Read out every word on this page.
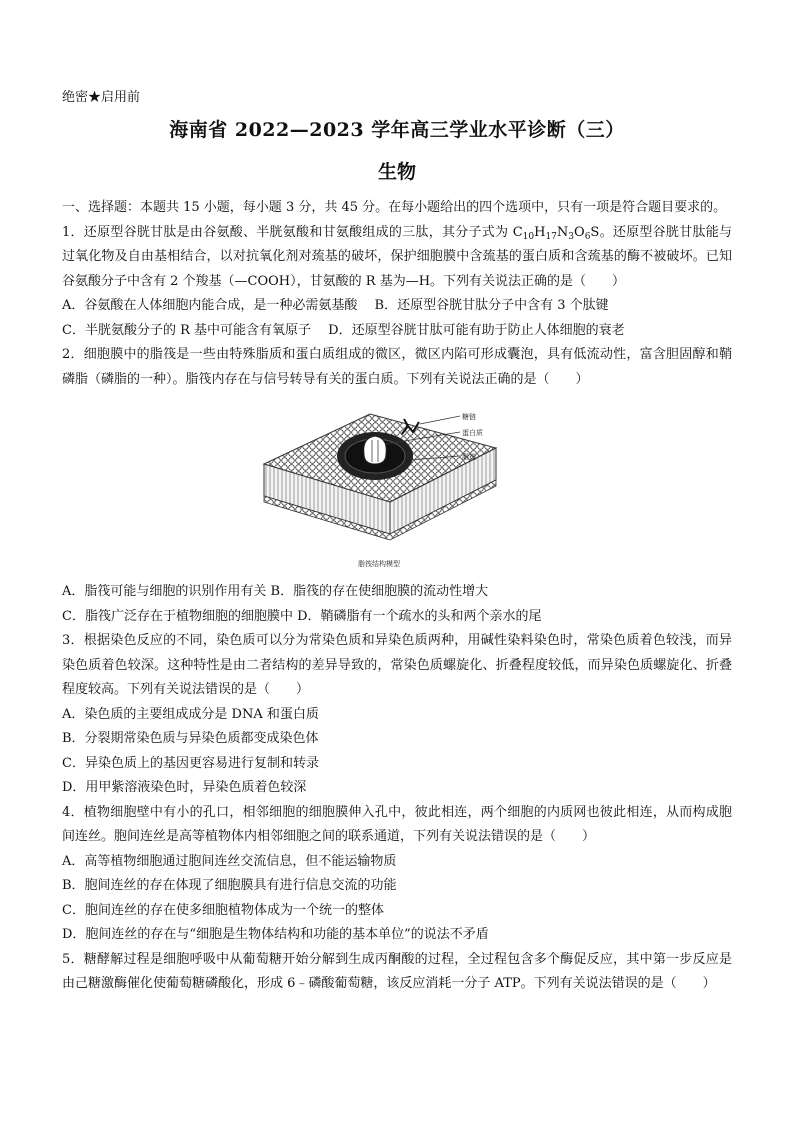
绝密★启用前
海南省 2022—2023 学年高三学业水平诊断（三）
生物

一、选择题：本题共 15 小题，每小题 3 分，共 45 分。在每小题给出的四个选项中，只有一项是符合题目要求的。

1．还原型谷胱甘肽是由谷氨酸、半胱氨酸和甘氨酸组成的三肽，其分子式为 $C_{10}H_{17}N_3O_6S$。还原型谷胱甘肽能与过氧化物及自由基相结合，以对抗氧化剂对巯基的破坏，保护细胞膜中含巯基的蛋白质和含巯基的酶不被破坏。已知谷氨酸分子中含有 2 个羧基（—COOH），甘氨酸的 R 基为—H。下列有关说法正确的是（　　）

A．谷氨酸在人体细胞内能合成，是一种必需氨基酸　 B．还原型谷胱甘肽分子中含有 3 个肽键

C．半胱氨酸分子的 R 基中可能含有氧原子　 D．还原型谷胱甘肽可能有助于防止人体细胞的衰老

2．细胞膜中的脂筏是一些由特殊脂质和蛋白质组成的微区，微区内陷可形成囊泡，具有低流动性，富含胆固醇和鞘磷脂（磷脂的一种）。脂筏内存在与信号转导有关的蛋白质。下列有关说法正确的是（　　）

糖链
蛋白质
脂筏
脂筏结构模型

A．脂筏可能与细胞的识别作用有关 B．脂筏的存在使细胞膜的流动性增大

C．脂筏广泛存在于植物细胞的细胞膜中 D．鞘磷脂有一个疏水的头和两个亲水的尾

3．根据染色反应的不同，染色质可以分为常染色质和异染色质两种，用碱性染料染色时，常染色质着色较浅，而异染色质着色较深。这种特性是由二者结构的差异导致的，常染色质螺旋化、折叠程度较低，而异染色质螺旋化、折叠程度较高。下列有关说法错误的是（　　）

A．染色质的主要组成成分是 DNA 和蛋白质

B．分裂期常染色质与异染色质都变成染色体

C．异染色质上的基因更容易进行复制和转录

D．用甲紫溶液染色时，异染色质着色较深

4．植物细胞壁中有小的孔口，相邻细胞的细胞膜伸入孔中，彼此相连，两个细胞的内质网也彼此相连，从而构成胞间连丝。胞间连丝是高等植物体内相邻细胞之间的联系通道，下列有关说法错误的是（　　）

A．高等植物细胞通过胞间连丝交流信息，但不能运输物质

B．胞间连丝的存在体现了细胞膜具有进行信息交流的功能

C．胞间连丝的存在使多细胞植物体成为一个统一的整体

D．胞间连丝的存在与“细胞是生物体结构和功能的基本单位”的说法不矛盾

5．糖酵解过程是细胞呼吸中从葡萄糖开始分解到生成丙酮酸的过程，全过程包含多个酶促反应，其中第一步反应是由己糖激酶催化使葡萄糖磷酸化，形成 6﹣磷酸葡萄糖，该反应消耗一分子 ATP。下列有关说法错误的是（　　）
